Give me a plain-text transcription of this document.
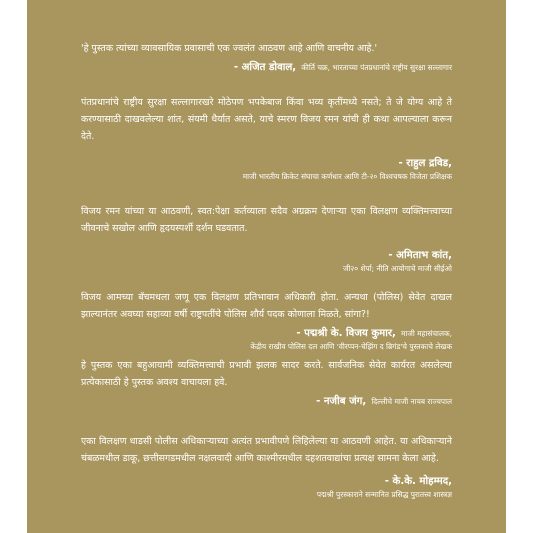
'हे पुस्तक त्यांच्या व्यावसायिक प्रवासाची एक ज्वलंत आठवण आहे आणि वाचनीय आहे.'

- अजित डोवाल, कीर्ति चक्र, भारताच्या पंतप्रधानांचे राष्ट्रीय सुरक्षा सल्लागार

पंतप्रधानांचे राष्ट्रीय सुरक्षा सल्लागारखरे मोठेपण भपकेबाज किंवा भव्य कृतींमध्ये नसते; ते जे योग्य आहे ते करण्यासाठी दाखवलेल्या शांत, संयमी धैर्यात असते, याचे स्मरण विजय रमन यांची ही कथा आपल्याला करून देते.

- राहुल द्रविड,

माजी भारतीय क्रिकेट संघाचा कर्णधार आणि टी-२० विश्वचषक विजेता प्रशिक्षक

विजय रमन यांच्या या आठवणी, स्वत:पेक्षा कर्तव्याला सदैव अग्रक्रम देणाऱ्या एका विलक्षण व्यक्तिमत्त्वाच्या जीवनाचे सखोल आणि हृदयस्पर्शी दर्शन घडवतात.

- अमिताभ कांत,

जी२० शेर्पा; नीति आयोगाचे माजी सीईओ

विजय आमच्या बॅचमधला जणू एक विलक्षण प्रतिभावान अधिकारी होता. अन्यथा (पोलिस) सेवेत दाखल झाल्यानंतर अवघ्या सहाव्या वर्षी राष्ट्रपतींचे पोलिस शौर्य पदक कोणाला मिळते, सांगा?!

- पद्मश्री के. विजय कुमार, माजी महासंचालक,

केंद्रीय राखीव पोलिस दल आणि 'वीरप्पन-चेझिंग द ब्रिगंड'चे पुस्तकाचे लेखक

हे पुस्तक एका बहुआयामी व्यक्तिमत्त्वाची प्रभावी झलक सादर करते. सार्वजनिक सेवेत कार्यरत असलेल्या प्रत्येकासाठी हे पुस्तक अवश्य वाचायला हवे.

- नजीब जंग, दिल्लीचे माजी नायब राज्यपाल

एका विलक्षण धाडसी पोलीस अधिकाऱ्याच्या अत्यंत प्रभावीपणे लिहिलेल्या या आठवणी आहेत. या अधिकाऱ्याने चंबळमधील डाकू, छत्तीसगडमधील नक्षलवादी आणि काश्मीरमधील दहशतवाद्यांचा प्रत्यक्ष सामना केला आहे.

- के.के. मोहम्मद,

पद्मश्री पुरस्काराने सन्मानित प्रसिद्ध पुरातत्त्व शास्त्रज्ञ
